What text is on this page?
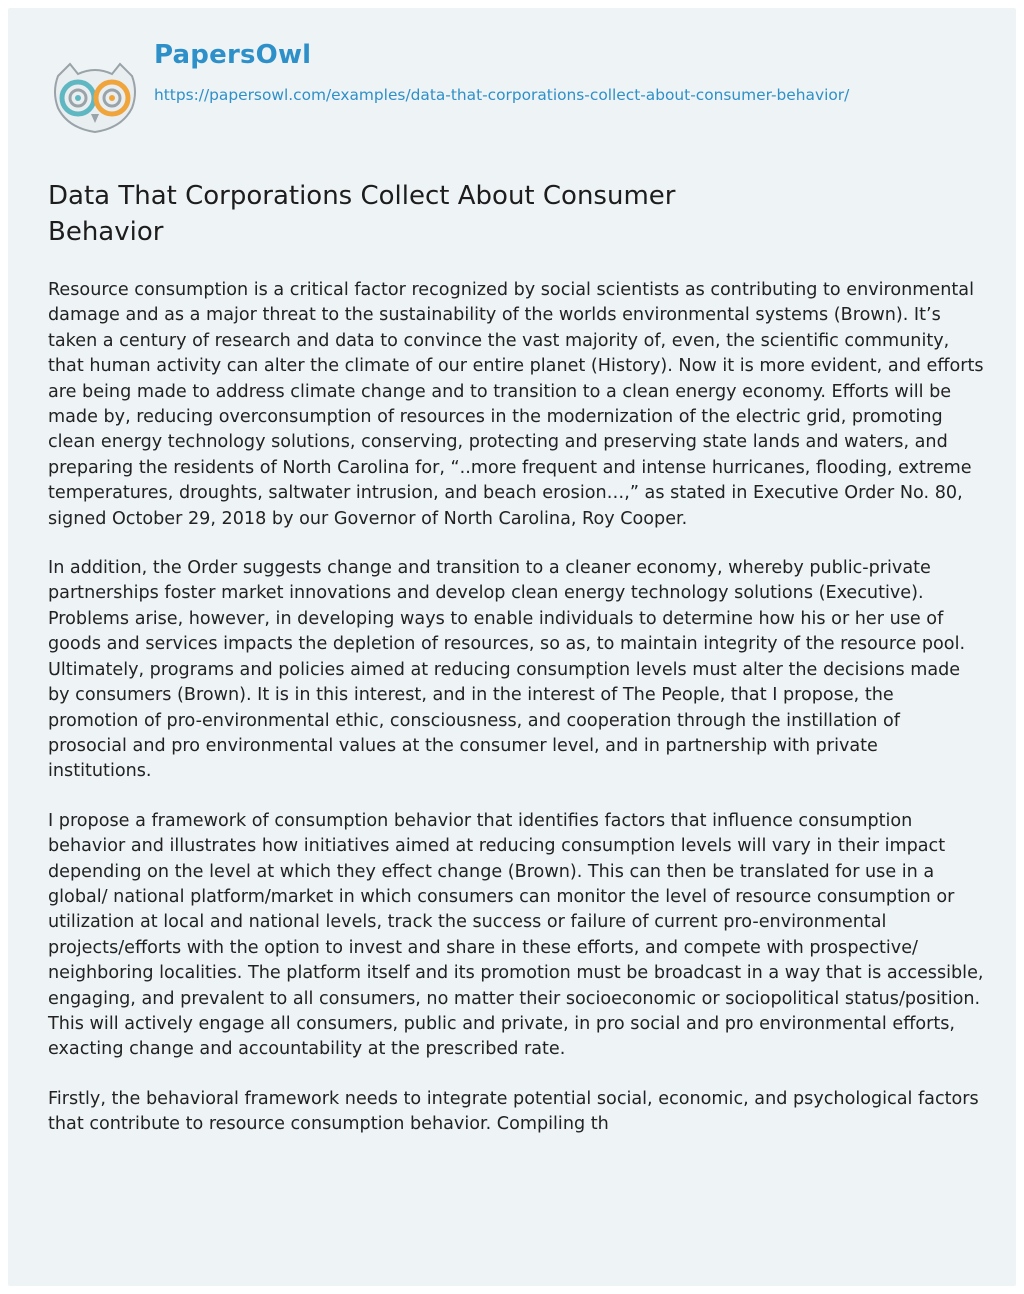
PapersOwl
https://papersowl.com/examples/data-that-corporations-collect-about-consumer-behavior/
Data That Corporations Collect About Consumer Behavior

Resource consumption is a critical factor recognized by social scientists as contributing to environmental damage and as a major threat to the sustainability of the worlds environmental systems (Brown). It’s taken a century of research and data to convince the vast majority of, even, the scientific community, that human activity can alter the climate of our entire planet (History). Now it is more evident, and efforts are being made to address climate change and to transition to a clean energy economy. Efforts will be made by, reducing overconsumption of resources in the modernization of the electric grid, promoting clean energy technology solutions, conserving, protecting and preserving state lands and waters, and preparing the residents of North Carolina for, “..more frequent and intense hurricanes, flooding, extreme temperatures, droughts, saltwater intrusion, and beach erosion…,” as stated in Executive Order No. 80, signed October 29, 2018 by our Governor of North Carolina, Roy Cooper.

In addition, the Order suggests change and transition to a cleaner economy, whereby public-private partnerships foster market innovations and develop clean energy technology solutions (Executive). Problems arise, however, in developing ways to enable individuals to determine how his or her use of goods and services impacts the depletion of resources, so as, to maintain integrity of the resource pool. Ultimately, programs and policies aimed at reducing consumption levels must alter the decisions made by consumers (Brown). It is in this interest, and in the interest of The People, that I propose, the promotion of pro-environmental ethic, consciousness, and cooperation through the instillation of prosocial and pro environmental values at the consumer level, and in partnership with private institutions.

I propose a framework of consumption behavior that identifies factors that influence consumption behavior and illustrates how initiatives aimed at reducing consumption levels will vary in their impact depending on the level at which they effect change (Brown). This can then be translated for use in a global/ national platform/market in which consumers can monitor the level of resource consumption or utilization at local and national levels, track the success or failure of current pro-environmental projects/efforts with the option to invest and share in these efforts, and compete with prospective/ neighboring localities. The platform itself and its promotion must be broadcast in a way that is accessible, engaging, and prevalent to all consumers, no matter their socioeconomic or sociopolitical status/position. This will actively engage all consumers, public and private, in pro social and pro environmental efforts, exacting change and accountability at the prescribed rate.

Firstly, the behavioral framework needs to integrate potential social, economic, and psychological factors that contribute to resource consumption behavior. Compiling th
